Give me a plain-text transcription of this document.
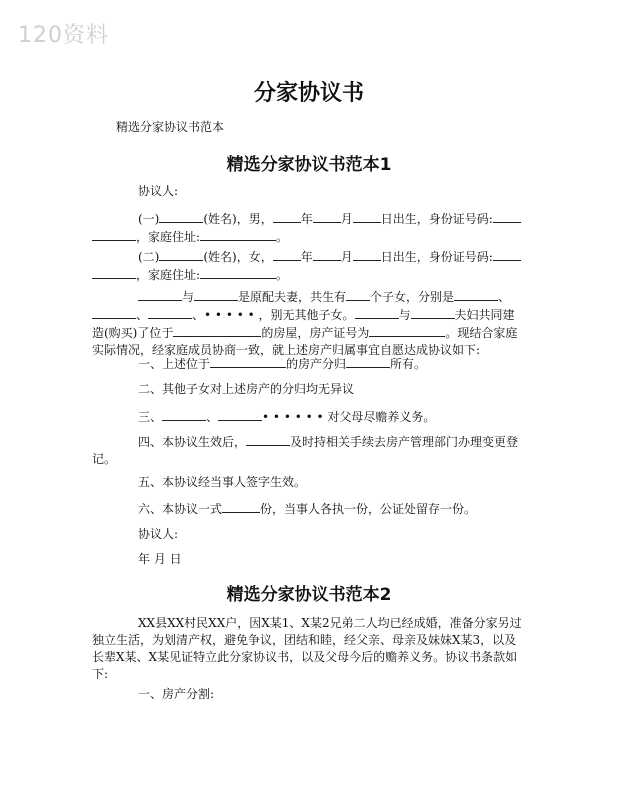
120资料
分家协议书
精选分家协议书范本
精选分家协议书范本1
协议人:
(一)	(姓名)，男， 年 月 日出生，身份证号码:，家庭住址:	。
(二)	(姓名)，女， 年 月 日出生，身份证号码:，家庭住址:	。
与	是原配夫妻，共生有 个子女，分别是	、、	、• • • • • ，别无其他子女。	与	夫妇共同建造(购买)了位于	的房屋，房产证号为	。现结合家庭实际情况，经家庭成员协商一致，就上述房产归属事宜自愿达成协议如下:
一、上述位于	的房产分归	所有。
二、其他子女对上述房产的分归均无异议
三、	、	• • • • • • 对父母尽赡养义务。
四、本协议生效后，	及时持相关手续去房产管理部门办理变更登记。
五、本协议经当事人签字生效。
六、本协议一式	份，当事人各执一份，公证处留存一份。
协议人:
年 月 日
精选分家协议书范本2
XX县XX村民XX户，因X某1、X某2兄弟二人均已经成婚，准备分家另过独立生活，为划清产权，避免争议，团结和睦，经父亲、母亲及妹妹X某3，以及长辈X某、X某见证特立此分家协议书，以及父母今后的赡养义务。协议书条款如下:
一、房产分割:
